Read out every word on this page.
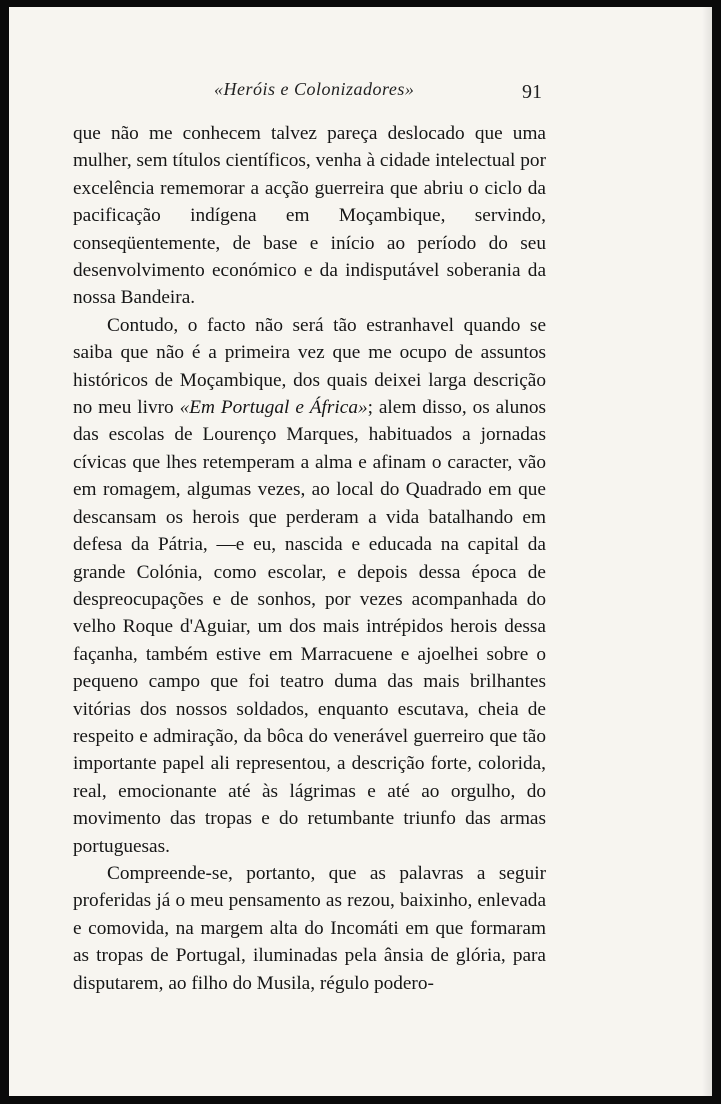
«Heróis e Colonizadores»	91

que não me conhecem talvez pareça deslocado que uma mulher, sem títulos científicos, venha à cidade intelectual por excelência rememorar a acção guerreira que abriu o ciclo da pacificação indígena em Moçambique, servindo, conseqüentemente, de base e início ao período do seu desenvolvimento económico e da indisputável soberania da nossa Bandeira.

Contudo, o facto não será tão estranhavel quando se saiba que não é a primeira vez que me ocupo de assuntos históricos de Moçambique, dos quais deixei larga descrição no meu livro «Em Portugal e África»; alem disso, os alunos das escolas de Lourenço Marques, habituados a jornadas cívicas que lhes retemperam a alma e afinam o caracter, vão em romagem, algumas vezes, ao local do Quadrado em que descansam os herois que perderam a vida batalhando em defesa da Pátria, —e eu, nascida e educada na capital da grande Colónia, como escolar, e depois dessa época de despreocupações e de sonhos, por vezes acompanhada do velho Roque d'Aguiar, um dos mais intrépidos herois dessa façanha, também estive em Marracuene e ajoelhei sobre o pequeno campo que foi teatro duma das mais brilhantes vitórias dos nossos soldados, enquanto escutava, cheia de respeito e admiração, da bôca do venerável guerreiro que tão importante papel ali representou, a descrição forte, colorida, real, emocionante até às lágrimas e até ao orgulho, do movimento das tropas e do retumbante triunfo das armas portuguesas.

Compreende-se, portanto, que as palavras a seguir proferidas já o meu pensamento as rezou, baixinho, enlevada e comovida, na margem alta do Incomáti em que formaram as tropas de Portugal, iluminadas pela ânsia de glória, para disputarem, ao filho do Musila, régulo podero-
